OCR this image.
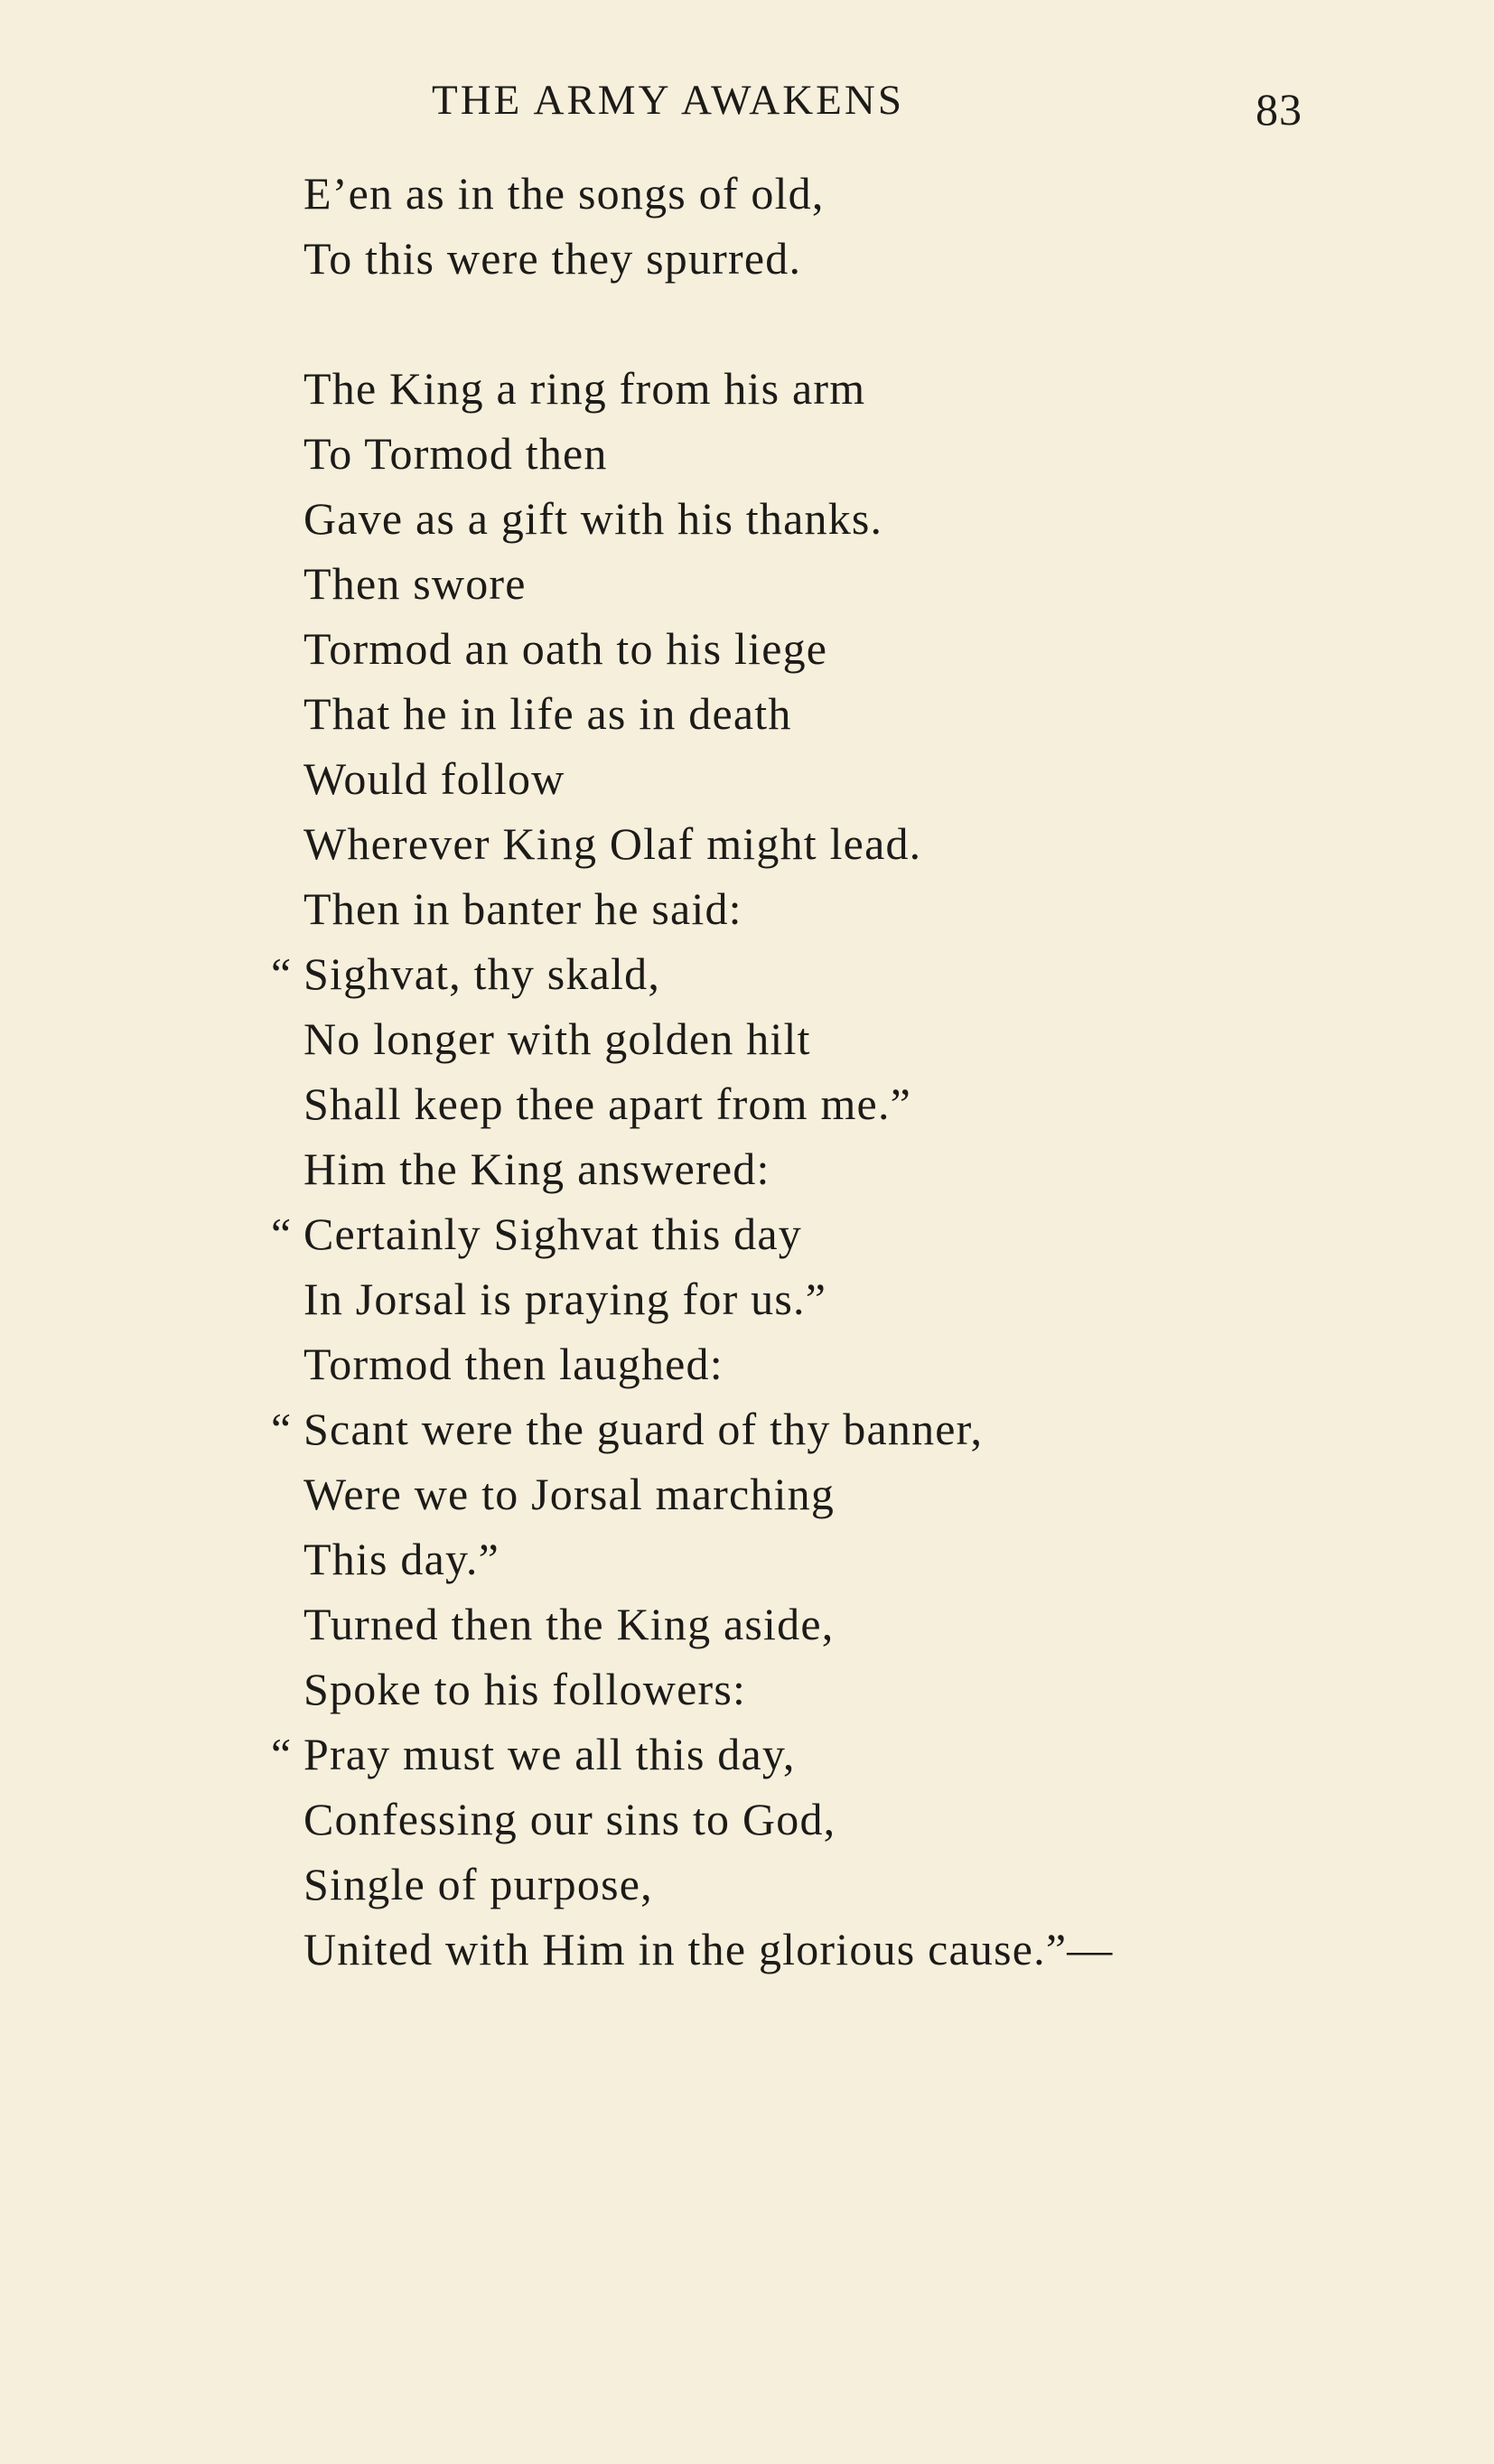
THE ARMY AWAKENS	83
E’en as in the songs of old,
To this were they spurred.
The King a ring from his arm
To Tormod then
Gave as a gift with his thanks.
Then swore
Tormod an oath to his liege
That he in life as in death
Would follow
Wherever King Olaf might lead.
Then in banter he said:
“ Sighvat, thy skald,
No longer with golden hilt
Shall keep thee apart from me.”
Him the King answered:
“ Certainly Sighvat this day
In Jorsal is praying for us.”
Tormod then laughed:
“ Scant were the guard of thy banner,
Were we to Jorsal marching
This day.”
Turned then the King aside,
Spoke to his followers:
“ Pray must we all this day,
Confessing our sins to God,
Single of purpose,
United with Him in the glorious cause.”—
